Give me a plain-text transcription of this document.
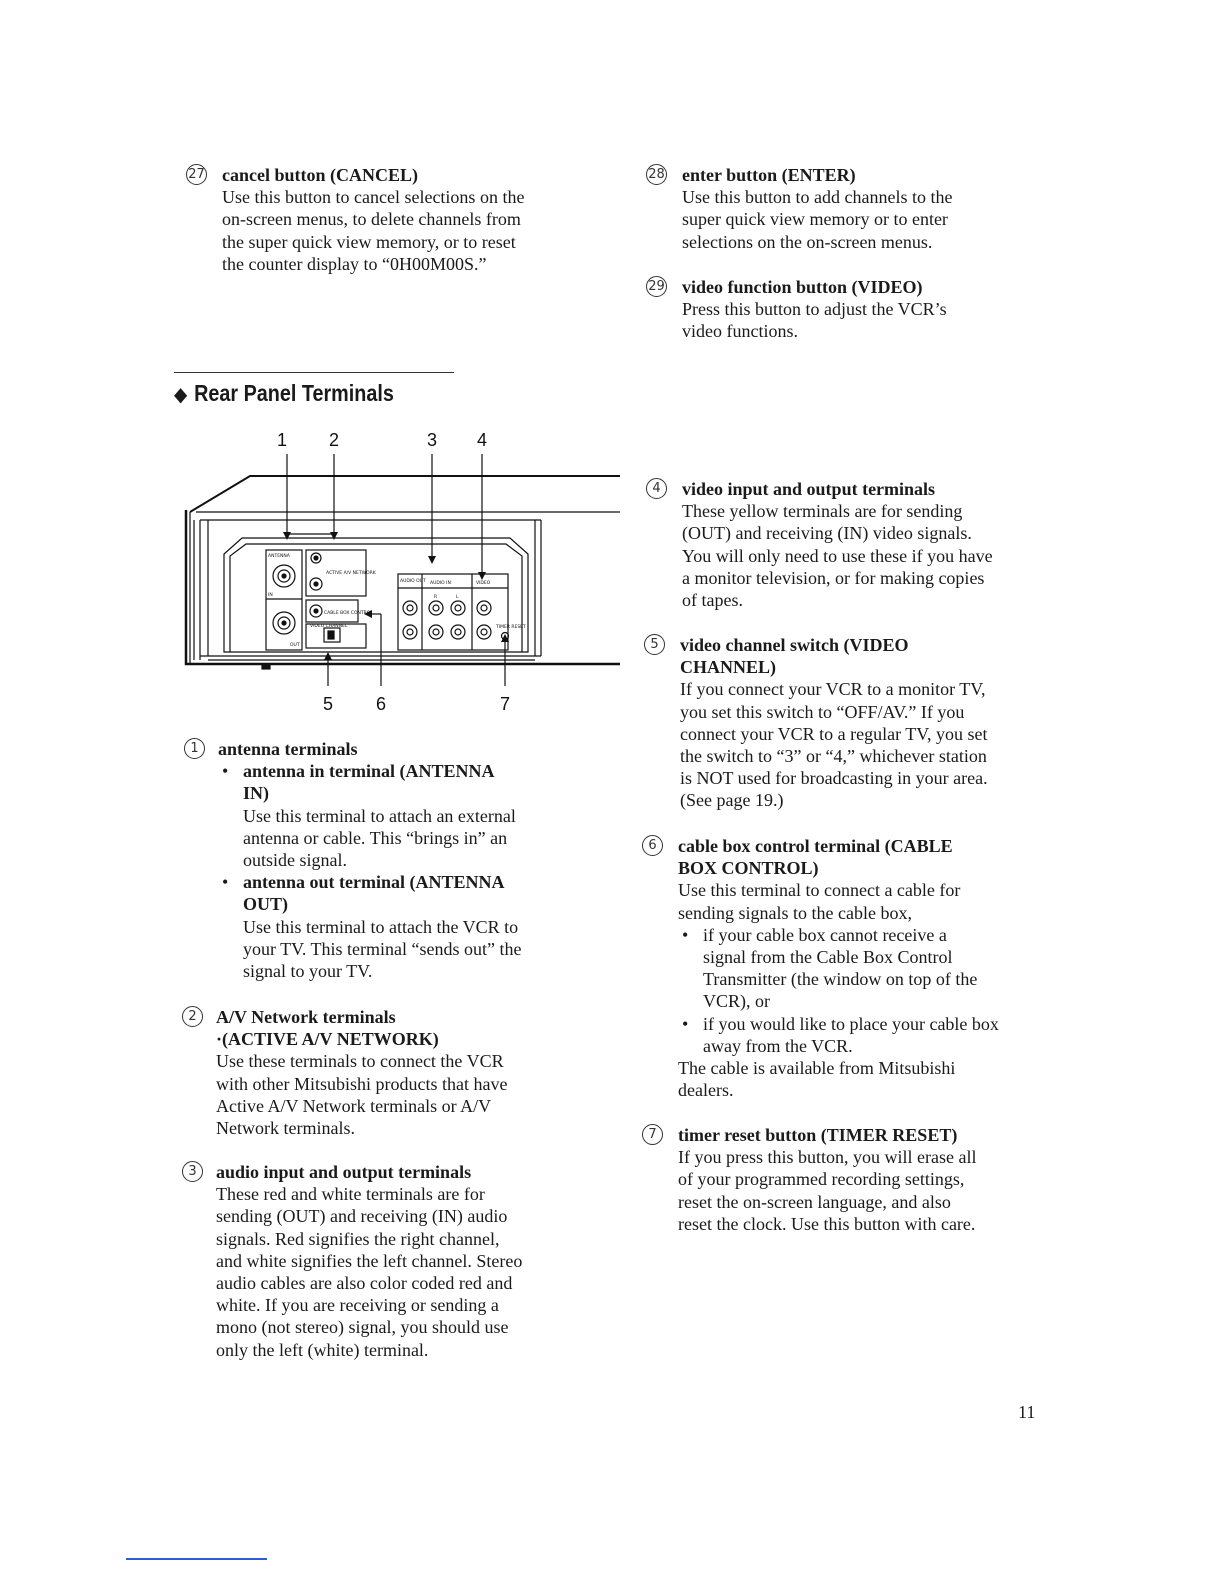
27 cancel button (CANCEL)
Use this button to cancel selections on the
on-screen menus, to delete channels from
the super quick view memory, or to reset
the counter display to “0H00M00S.”
28 enter button (ENTER)
Use this button to add channels to the
super quick view memory or to enter
selections on the on-screen menus.
29 video function button (VIDEO)
Press this button to adjust the VCR’s
video functions.
◆ Rear Panel Terminals
1 2	3 4
5 6	7
ANTENNA
IN
OUT
ACTIVE A/V NETWORK
CABLE BOX CONTROL
VIDEO CHANNEL
AUDIO OUT AUDIO IN	VIDEO
R	L
TIMER RESET
1	antenna terminals
• antenna in terminal (ANTENNA
IN)
Use this terminal to attach an external
antenna or cable. This “brings in” an
outside signal.
• antenna out terminal (ANTENNA
OUT)
Use this terminal to attach the VCR to
your TV. This terminal “sends out” the
signal to your TV.
2	A/V Network terminals
·(ACTIVE A/V NETWORK)
Use these terminals to connect the VCR
with other Mitsubishi products that have
Active A/V Network terminals or A/V
Network terminals.
3	audio input and output terminals
These red and white terminals are for
sending (OUT) and receiving (IN) audio
signals. Red signifies the right channel,
and white signifies the left channel. Stereo
audio cables are also color coded red and
white. If you are receiving or sending a
mono (not stereo) signal, you should use
only the left (white) terminal.
4	video input and output terminals
These yellow terminals are for sending
(OUT) and receiving (IN) video signals.
You will only need to use these if you have
a monitor television, or for making copies
of tapes.
5	video channel switch (VIDEO
CHANNEL)
If you connect your VCR to a monitor TV,
you set this switch to “OFF/AV.” If you
connect your VCR to a regular TV, you set
the switch to “3” or “4,” whichever station
is NOT used for broadcasting in your area.
(See page 19.)
6	cable box control terminal (CABLE
BOX CONTROL)
Use this terminal to connect a cable for
sending signals to the cable box,
• if your cable box cannot receive a
signal from the Cable Box Control
Transmitter (the window on top of the
VCR), or
• if you would like to place your cable box
away from the VCR.
The cable is available from Mitsubishi
dealers.
7	timer reset button (TIMER RESET)
If you press this button, you will erase all
of your programmed recording settings,
reset the on-screen language, and also
reset the clock. Use this button with care.
11
